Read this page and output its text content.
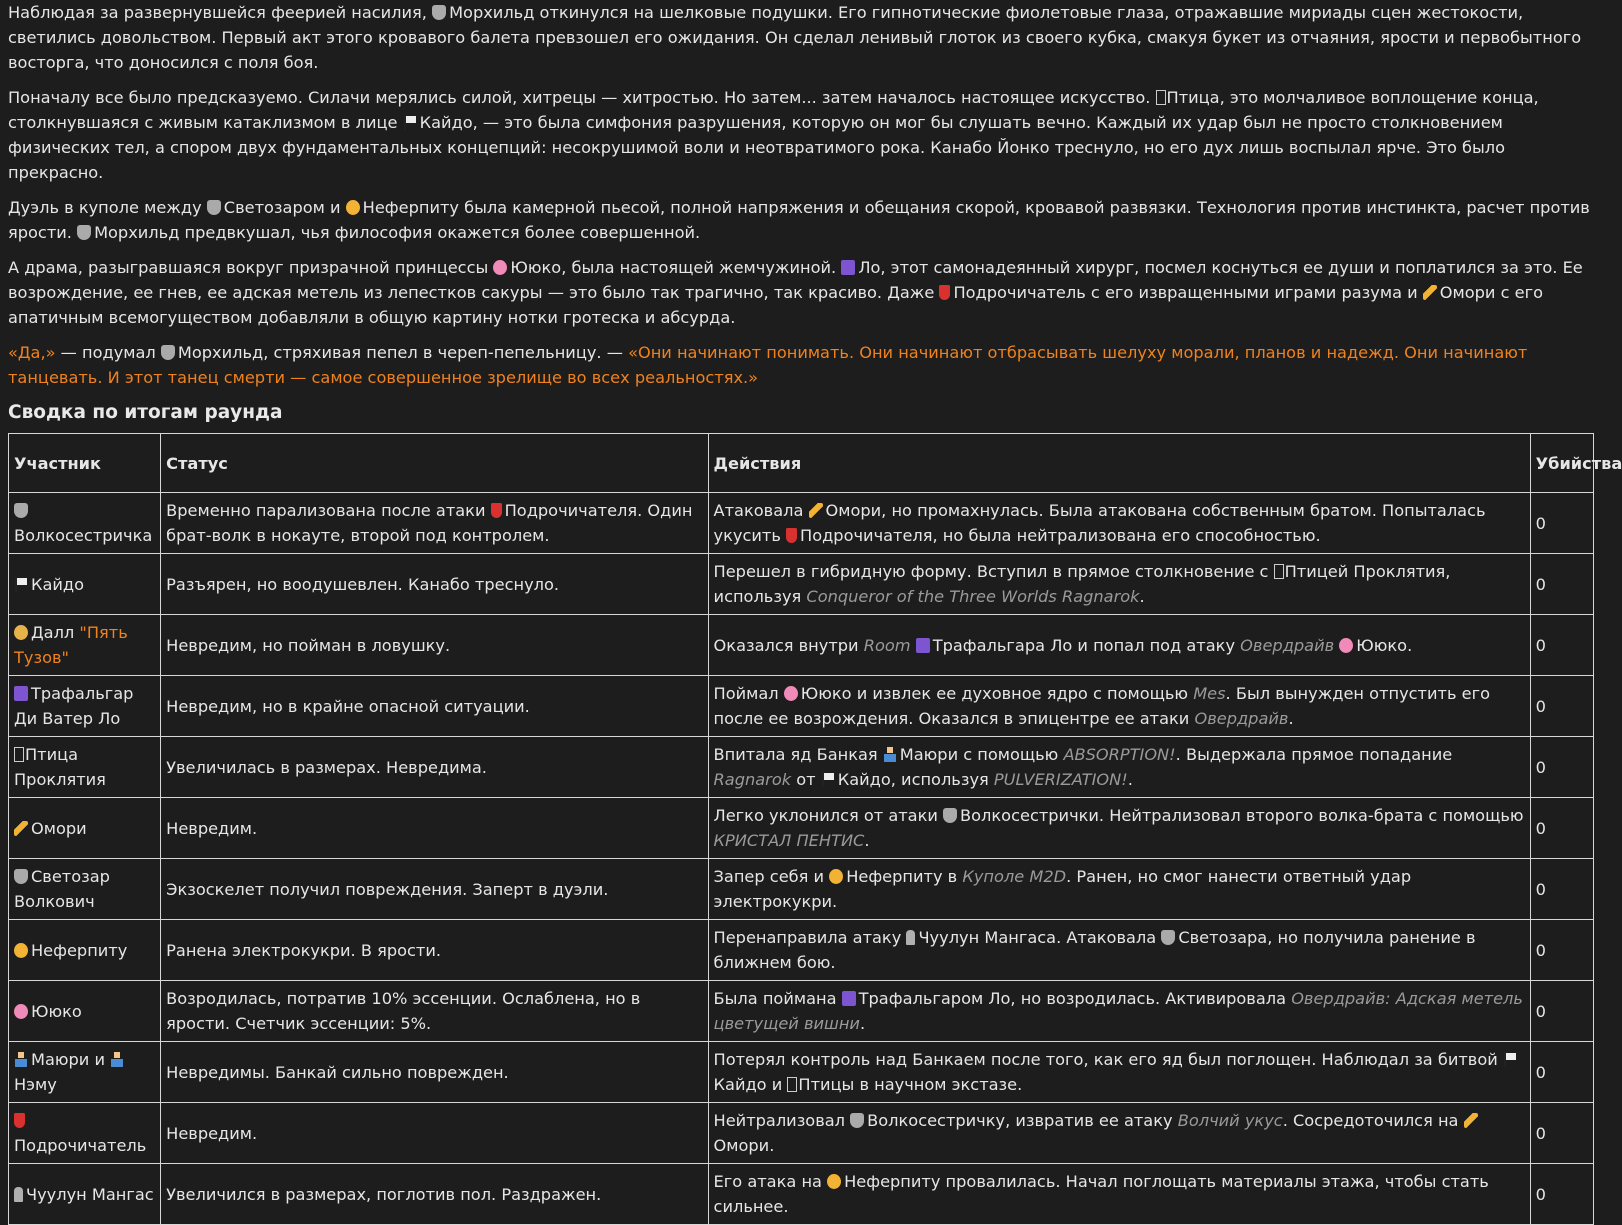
Наблюдая за развернувшейся феерией насилия, Морхильд откинулся на шелковые подушки. Его гипнотические фиолетовые глаза, отражавшие мириады сцен жестокости, светились довольством. Первый акт этого кровавого балета превзошел его ожидания. Он сделал ленивый глоток из своего кубка, смакуя букет из отчаяния, ярости и первобытного восторга, что доносился с поля боя.

Поначалу все было предсказуемо. Силачи мерялись силой, хитрецы — хитростью. Но затем... затем началось настоящее искусство. Птица, это молчаливое воплощение конца, столкнувшаяся с живым катаклизмом в лице Кайдо, — это была симфония разрушения, которую он мог бы слушать вечно. Каждый их удар был не просто столкновением физических тел, а спором двух фундаментальных концепций: несокрушимой воли и неотвратимого рока. Канабо Йонко треснуло, но его дух лишь воспылал ярче. Это было прекрасно.

Дуэль в куполе между Светозаром и Неферпиту была камерной пьесой, полной напряжения и обещания скорой, кровавой развязки. Технология против инстинкта, расчет против ярости. Морхильд предвкушал, чья философия окажется более совершенной.

А драма, разыгравшаяся вокруг призрачной принцессы Ююко, была настоящей жемчужиной. Ло, этот самонадеянный хирург, посмел коснуться ее души и поплатился за это. Ее возрождение, ее гнев, ее адская метель из лепестков сакуры — это было так трагично, так красиво. Даже Подрочичатель с его извращенными играми разума и Омори с его апатичным всемогуществом добавляли в общую картину нотки гротеска и абсурда.

«Да,» — подумал Морхильд, стряхивая пепел в череп-пепельницу. — «Они начинают понимать. Они начинают отбрасывать шелуху морали, планов и надежд. Они начинают танцевать. И этот танец смерти — самое совершенное зрелище во всех реальностях.»

Сводка по итогам раунда
Участник	Статус	Действия	Убийства

Волкосестричка	Временно парализована после атаки Подрочичателя. Один брат-волк в нокауте, второй под контролем.	Атаковала Омори, но промахнулась. Была атакована собственным братом. Попыталась укусить Подрочичателя, но была нейтрализована его способностью.	0
Кайдо	Разъярен, но воодушевлен. Канабо треснуло.	Перешел в гибридную форму. Вступил в прямое столкновение с Птицей Проклятия, используя Conqueror of the Three Worlds Ragnarok.	0
Далл "Пять Тузов"	Невредим, но пойман в ловушку.	Оказался внутри Room Трафальгара Ло и попал под атаку Овердрайв Ююко.	0
Трафальгар Ди Ватер Ло	Невредим, но в крайне опасной ситуации.	Поймал Ююко и извлек ее духовное ядро с помощью Mes. Был вынужден отпустить его после ее возрождения. Оказался в эпицентре ее атаки Овердрайв.	0
Птица Проклятия	Увеличилась в размерах. Невредима.	Впитала яд Банкая Маюри с помощью ABSORPTION!. Выдержала прямое попадание Ragnarok от Кайдо, используя PULVERIZATION!.	0
Омори	Невредим.	Легко уклонился от атаки Волкосестрички. Нейтрализовал второго волка-брата с помощью КРИСТАЛ ПЕНТИС.	0
Светозар Волкович	Экзоскелет получил повреждения. Заперт в дуэли.	Запер себя и Неферпиту в Куполе M2D. Ранен, но смог нанести ответный удар электрокукри.	0
Неферпиту	Ранена электрокукри. В ярости.	Перенаправила атаку Чуулун Мангаса. Атаковала Светозара, но получила ранение в ближнем бою.	0
Ююко	Возродилась, потратив 10% эссенции. Ослаблена, но в ярости. Счетчик эссенции: 5%.	Была поймана Трафальгаром Ло, но возродилась. Активировала Овердрайв: Адская метель цветущей вишни.	0
Маюри и Нэму	Невредимы. Банкай сильно поврежден.	Потерял контроль над Банкаем после того, как его яд был поглощен. Наблюдал за битвой Кайдо и Птицы в научном экстазе.	0

Подрочичатель	Невредим.	Нейтрализовал Волкосестричку, извратив ее атаку Волчий укус. Сосредоточился на Омори.	0
Чуулун Мангас	Увеличился в размерах, поглотив пол. Раздражен.	Его атака на Неферпиту провалилась. Начал поглощать материалы этажа, чтобы стать сильнее.	0
